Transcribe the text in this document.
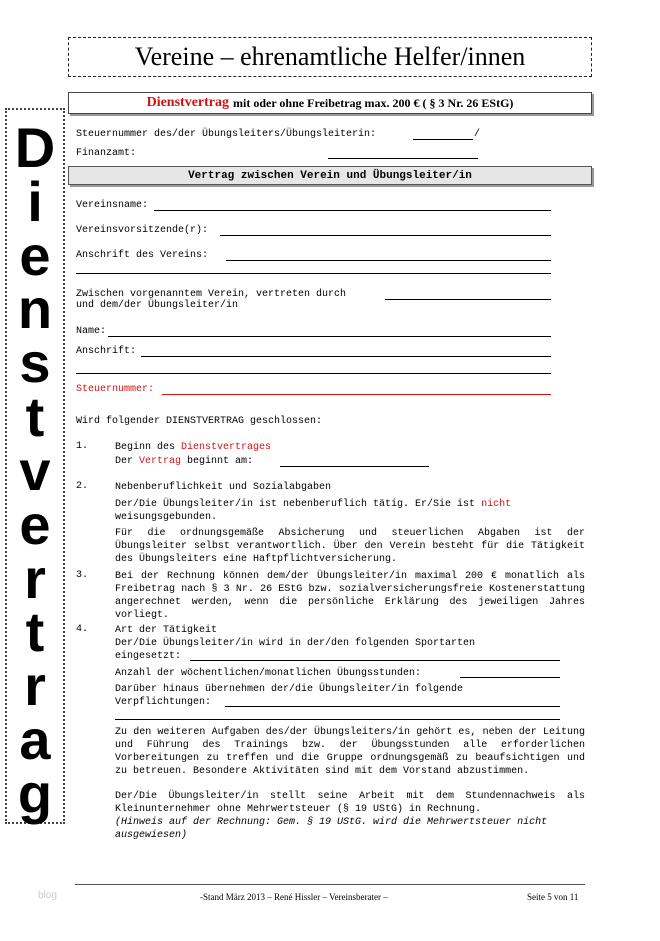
Vereine – ehrenamtliche Helfer/innen
D
i
e
n
s
t
v
e
r
t
r
a
g
Dienstvertrag mit oder ohne Freibetrag max. 200 € ( § 3 Nr. 26 EStG)
Steuernummer des/der Übungsleiters/Übungsleiterin:	/
Finanzamt:
Vertrag zwischen Verein und Übungsleiter/in
Vereinsname:
Vereinsvorsitzende(r):
Anschrift des Vereins:
Zwischen vorgenanntem Verein, vertreten durch
und dem/der Übungsleiter/in
Name:
Anschrift:
Steuernummer:
Wird folgender DIENSTVERTRAG geschlossen:
1.	Beginn des Dienstvertrages
Der Vertrag beginnt am:
2.	Nebenberuflichkeit und Sozialabgaben
Der/Die Übungsleiter/in ist nebenberuflich tätig. Er/Sie ist nicht
weisungsgebunden.
Für die ordnungsgemäße Absicherung und steuerlichen Abgaben ist der Übungsleiter selbst verantwortlich. Über den Verein besteht für die Tätigkeit des Übungsleiters eine Haftpflichtversicherung.
3.	Bei der Rechnung können dem/der Übungsleiter/in maximal 200 € monatlich als Freibetrag nach § 3 Nr. 26 EStG bzw. sozialversicherungsfreie Kostenerstattung angerechnet werden, wenn die persönliche Erklärung des jeweiligen Jahres vorliegt.
4.	Art der Tätigkeit
Der/Die Übungsleiter/in wird in der/den folgenden Sportarten
eingesetzt:
Anzahl der wöchentlichen/monatlichen Übungsstunden:
Darüber hinaus übernehmen der/die Übungsleiter/in folgende
Verpflichtungen:
Zu den weiteren Aufgaben des/der Übungsleiters/in gehört es, neben der Leitung und Führung des Trainings bzw. der Übungsstunden alle erforderlichen Vorbereitungen zu treffen und die Gruppe ordnungsgemäß zu beaufsichtigen und zu betreuen. Besondere Aktivitäten sind mit dem Vorstand abzustimmen.
Der/Die Übungsleiter/in stellt seine Arbeit mit dem Stundennachweis als Kleinunternehmer ohne Mehrwertsteuer (§ 19 UStG) in Rechnung.
(Hinweis auf der Rechnung: Gem. § 19 UStG. wird die Mehrwertsteuer nicht ausgewiesen)
blog	-Stand März 2013 – René Hissler – Vereinsberater –	Seite 5 von 11
